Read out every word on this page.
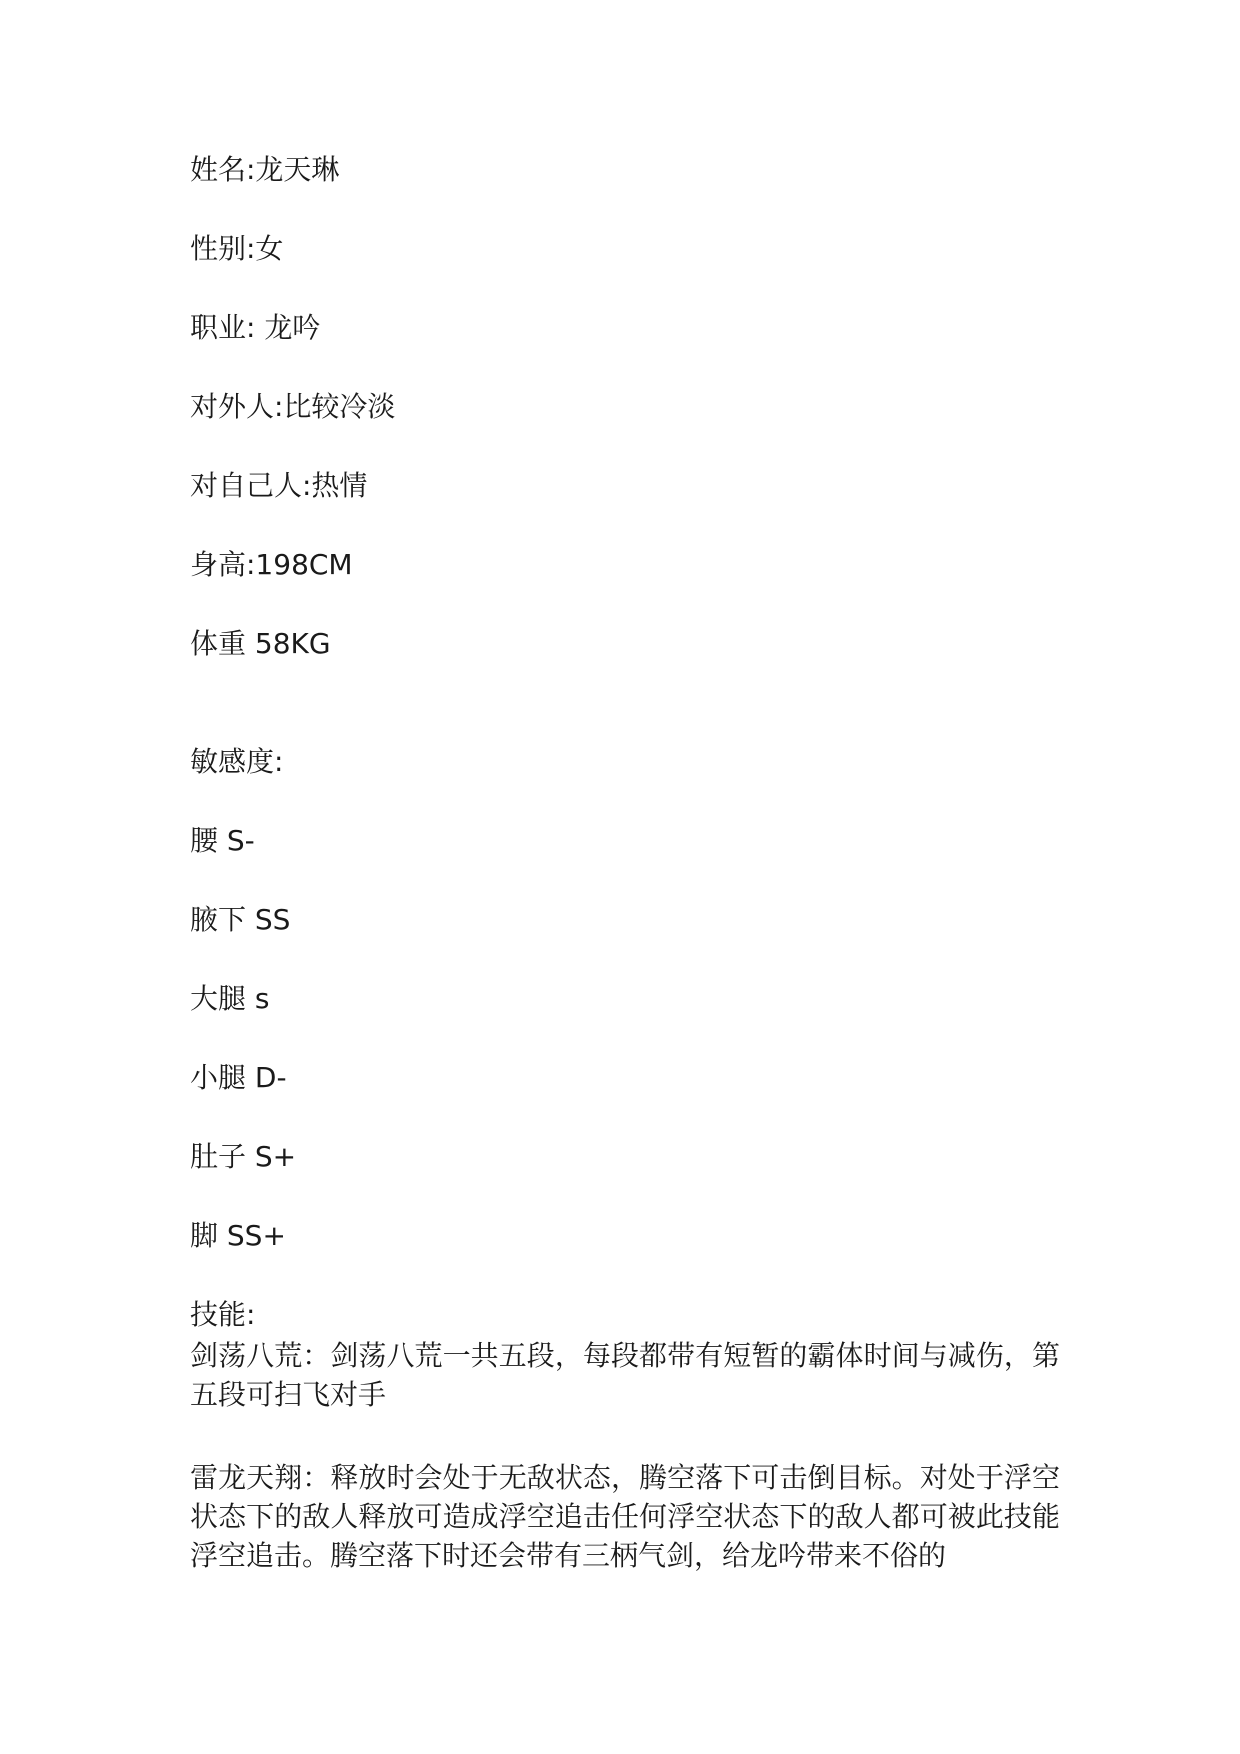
姓名:龙天琳

性别:女

职业: 龙吟

对外人:比较冷淡

对自己人:热情

身高:198CM

体重 58KG

敏感度:

腰 S-

腋下 SS

大腿 s

小腿 D-

肚子 S+

脚 SS+

技能:

剑荡八荒：剑荡八荒一共五段，每段都带有短暂的霸体时间与减伤，第五段可扫飞对手

雷龙天翔：释放时会处于无敌状态，腾空落下可击倒目标。对处于浮空状态下的敌人释放可造成浮空追击任何浮空状态下的敌人都可被此技能浮空追击。腾空落下时还会带有三柄气剑，给龙吟带来不俗的
